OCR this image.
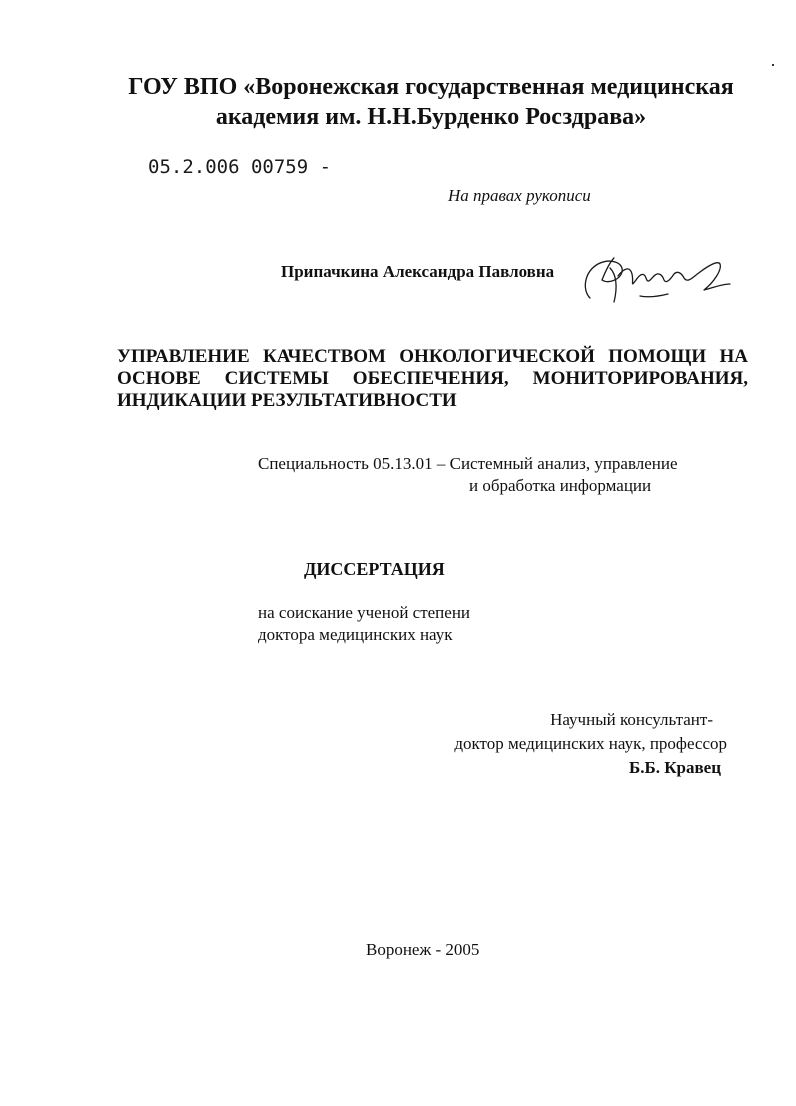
ГОУ ВПО «Воронежская государственная медицинская
академия им. Н.Н.Бурденко Росздрава»
05.2.006 00759 -
На правах рукописи
Припачкина Александра Павловна
УПРАВЛЕНИЕ КАЧЕСТВОМ ОНКОЛОГИЧЕСКОЙ ПОМОЩИ НА
ОСНОВЕ СИСТЕМЫ ОБЕСПЕЧЕНИЯ, МОНИТОРИРОВАНИЯ,
ИНДИКАЦИИ РЕЗУЛЬТАТИВНОСТИ
Специальность 05.13.01 – Системный анализ, управление
и обработка информации
ДИССЕРТАЦИЯ
на соискание ученой степени
доктора медицинских наук
Научный консультант-
доктор медицинских наук, профессор
Б.Б. Кравец
Воронеж - 2005
